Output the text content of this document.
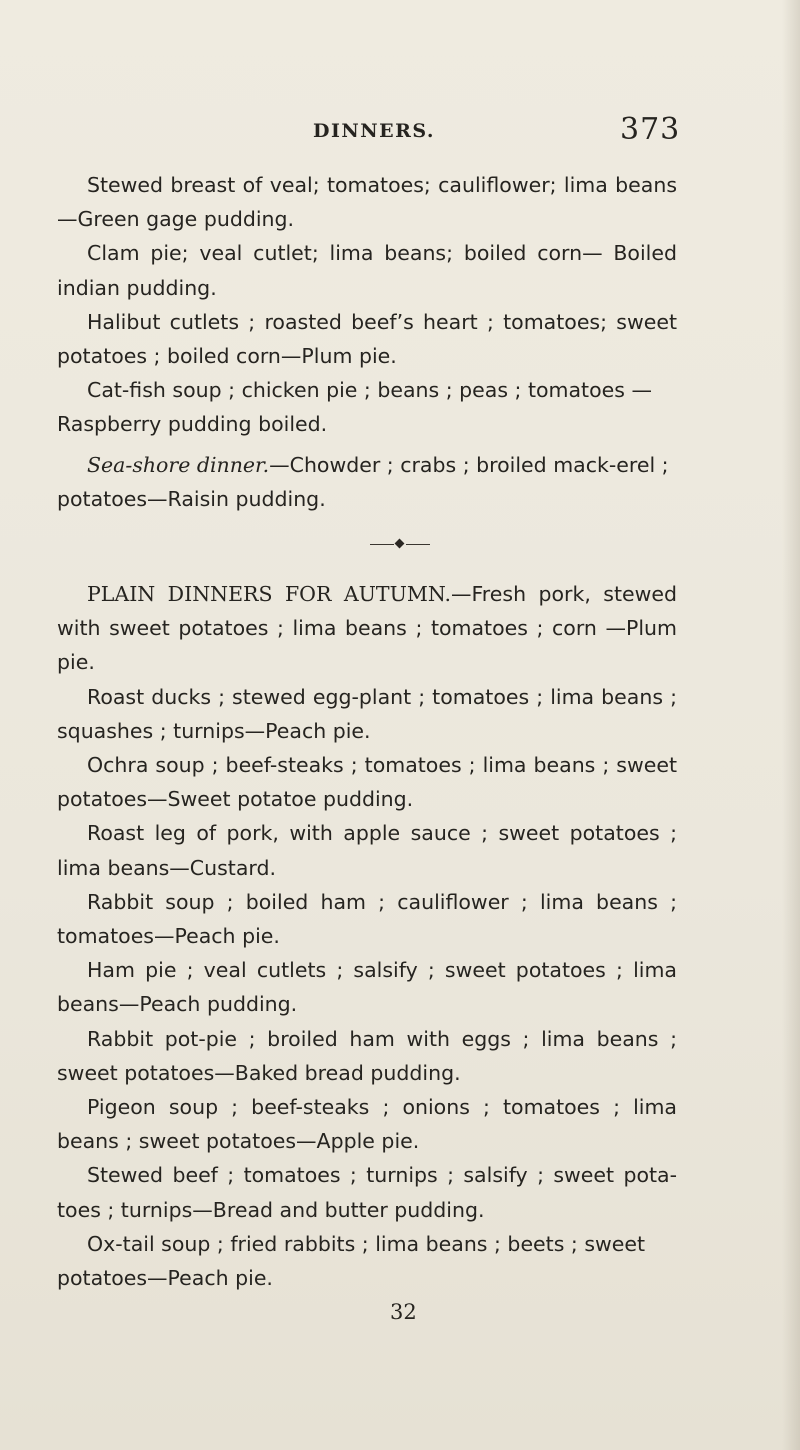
DINNERS.	373

Stewed breast of veal; tomatoes; cauliflower; lima beans—Green gage pudding.

Clam pie; veal cutlet; lima beans; boiled corn— Boiled indian pudding.

Halibut cutlets ; roasted beef’s heart ; tomatoes; sweet potatoes ; boiled corn—Plum pie.

Cat-fish soup ; chicken pie ; beans ; peas ; tomatoes —Raspberry pudding boiled.

Sea-shore dinner.—Chowder ; crabs ; broiled mack-erel ; potatoes—Raisin pudding.

PLAIN DINNERS FOR AUTUMN.—Fresh pork, stewed with sweet potatoes ; lima beans ; tomatoes ; corn —Plum pie.

Roast ducks ; stewed egg-plant ; tomatoes ; lima beans ; squashes ; turnips—Peach pie.

Ochra soup ; beef-steaks ; tomatoes ; lima beans ; sweet potatoes—Sweet potatoe pudding.

Roast leg of pork, with apple sauce ; sweet potatoes ; lima beans—Custard.

Rabbit soup ; boiled ham ; cauliflower ; lima beans ; tomatoes—Peach pie.

Ham pie ; veal cutlets ; salsify ; sweet potatoes ; lima beans—Peach pudding.

Rabbit pot-pie ; broiled ham with eggs ; lima beans ; sweet potatoes—Baked bread pudding.

Pigeon soup ; beef-steaks ; onions ; tomatoes ; lima beans ; sweet potatoes—Apple pie.

Stewed beef ; tomatoes ; turnips ; salsify ; sweet pota-toes ; turnips—Bread and butter pudding.

Ox-tail soup ; fried rabbits ; lima beans ; beets ; sweet potatoes—Peach pie.

32
